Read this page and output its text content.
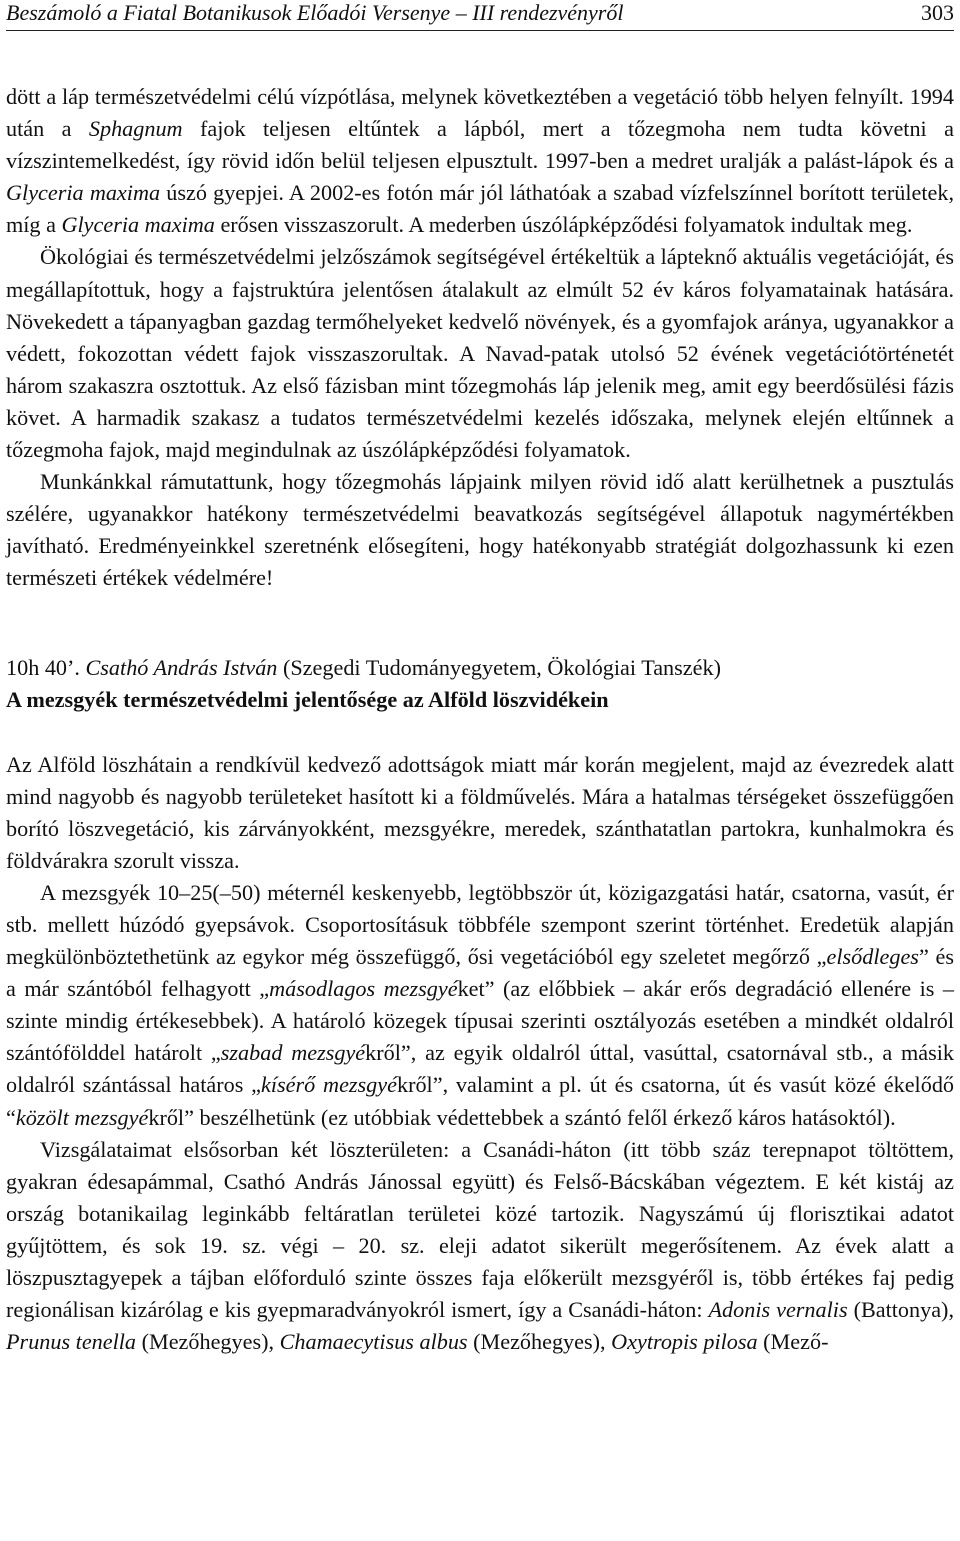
Beszámoló a Fiatal Botanikusok Előadói Versenye – III rendezvényről	303

dött a láp természetvédelmi célú vízpótlása, melynek következtében a vegetáció több helyen felnyílt. 1994 után a Sphagnum fajok teljesen eltűntek a lápból, mert a tőzegmoha nem tudta követni a vízszintemelkedést, így rövid időn belül teljesen elpusztult. 1997-ben a medret uralják a palást-lápok és a Glyceria maxima úszó gyepjei. A 2002-es fotón már jól láthatóak a szabad vízfelszínnel borított területek, míg a Glyceria maxima erősen visszaszorult. A mederben úszólápképződési folyamatok indultak meg.

Ökológiai és természetvédelmi jelzőszámok segítségével értékeltük a lápteknő aktuális vegetációját, és megállapítottuk, hogy a fajstruktúra jelentősen átalakult az elmúlt 52 év káros folyamatainak hatására. Növekedett a tápanyagban gazdag termőhelyeket kedvelő növények, és a gyomfajok aránya, ugyanakkor a védett, fokozottan védett fajok visszaszorultak. A Navad-patak utolsó 52 évének vegetációtörténetét három szakaszra osztottuk. Az első fázisban mint tőzegmohás láp jelenik meg, amit egy beerdősülési fázis követ. A harmadik szakasz a tudatos természetvédelmi kezelés időszaka, melynek elején eltűnnek a tőzegmoha fajok, majd megindulnak az úszólápképződési folyamatok.

Munkánkkal rámutattunk, hogy tőzegmohás lápjaink milyen rövid idő alatt kerülhetnek a pusztulás szélére, ugyanakkor hatékony természetvédelmi beavatkozás segítségével állapotuk nagymértékben javítható. Eredményeinkkel szeretnénk elősegíteni, hogy hatékonyabb stratégiát dolgozhassunk ki ezen természeti értékek védelmére!

10h 40’. Csathó András István (Szegedi Tudományegyetem, Ökológiai Tanszék)
A mezsgyék természetvédelmi jelentősége az Alföld löszvidékein

Az Alföld löszhátain a rendkívül kedvező adottságok miatt már korán megjelent, majd az évezredek alatt mind nagyobb és nagyobb területeket hasított ki a földművelés. Mára a hatalmas térségeket összefüggően borító löszvegetáció, kis zárványokként, mezsgyékre, meredek, szánthatatlan partokra, kunhalmokra és földvárakra szorult vissza.

A mezsgyék 10–25(–50) méternél keskenyebb, legtöbbször út, közigazgatási határ, csatorna, vasút, ér stb. mellett húzódó gyepsávok. Csoportosításuk többféle szempont szerint történhet. Eredetük alapján megkülönböztethetünk az egykor még összefüggő, ősi vegetációból egy szeletet megőrző „elsődleges” és a már szántóból felhagyott „másodlagos mezsgyéket” (az előbbiek – akár erős degradáció ellenére is – szinte mindig értékesebbek). A határoló közegek típusai szerinti osztályozás esetében a mindkét oldalról szántófölddel határolt „szabad mezsgyékről”, az egyik oldalról úttal, vasúttal, csatornával stb., a másik oldalról szántással határos „kísérő mezsgyékről”, valamint a pl. út és csatorna, út és vasút közé ékelődő “közölt mezsgyékről” beszélhetünk (ez utóbbiak védettebbek a szántó felől érkező káros hatásoktól).

Vizsgálataimat elsősorban két löszterületen: a Csanádi-háton (itt több száz terepnapot töltöttem, gyakran édesapámmal, Csathó András Jánossal együtt) és Felső-Bácskában végeztem. E két kistáj az ország botanikailag leginkább feltáratlan területei közé tartozik. Nagyszámú új florisztikai adatot gyűjtöttem, és sok 19. sz. végi – 20. sz. eleji adatot sikerült megerősítenem. Az évek alatt a löszpusztagyepek a tájban előforduló szinte összes faja előkerült mezsgyéről is, több értékes faj pedig regionálisan kizárólag e kis gyepmaradványokról ismert, így a Csanádi-háton: Adonis vernalis (Battonya), Prunus tenella (Mezőhegyes), Chamaecytisus albus (Mezőhegyes), Oxytropis pilosa (Mező-
